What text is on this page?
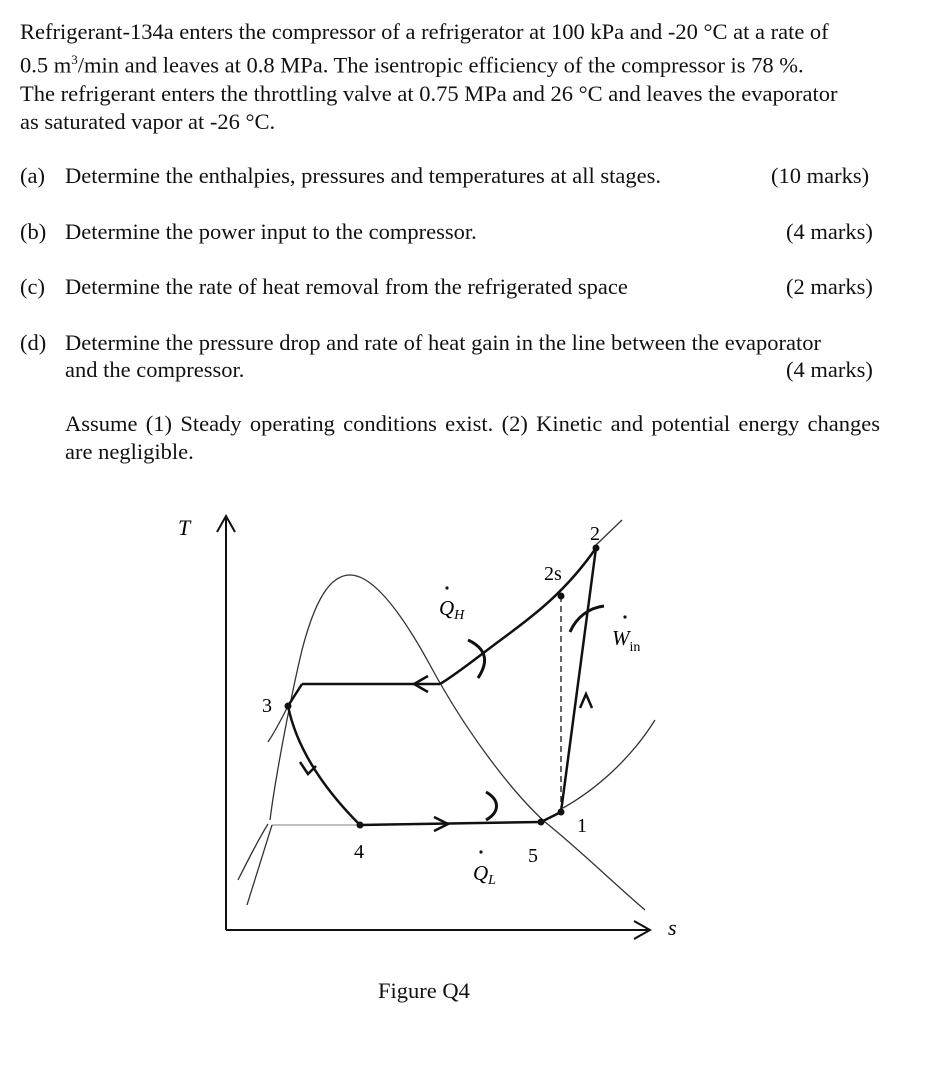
Refrigerant-134a enters the compressor of a refrigerator at 100 kPa and -20 °C at a rate of
0.5 $m^3/\min$ and leaves at 0.8 MPa. The isentropic efficiency of the compressor is 78 %.
The refrigerant enters the throttling valve at 0.75 MPa and 26 °C and leaves the evaporator
as saturated vapor at -26 °C.
(a) Determine the enthalpies, pressures and temperatures at all stages.	(10 marks)
(b) Determine the power input to the compressor.	(4 marks)
(c) Determine the rate of heat removal from the refrigerated space	(2 marks)
(d) Determine the pressure drop and rate of heat gain in the line between the evaporator
and the compressor.	(4 marks)
Assume (1) Steady operating conditions exist. (2) Kinetic and potential energy changes are negligible.
T
s
2
2s
3
4	5
1
QH
QL
$W_{in}$
Figure Q4
